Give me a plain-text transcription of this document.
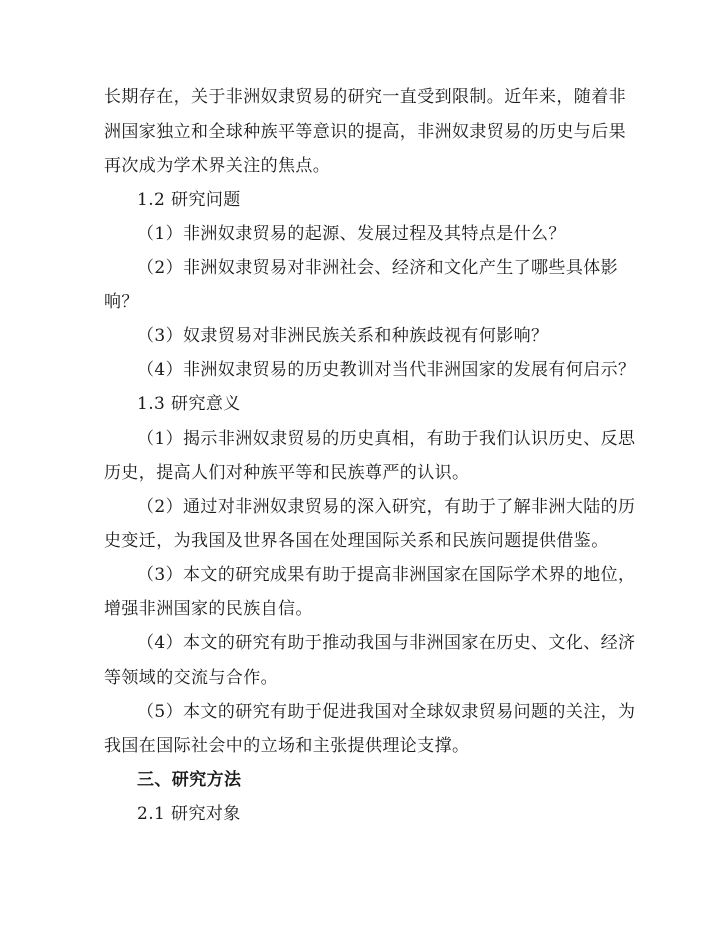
长期存在，关于非洲奴隶贸易的研究一直受到限制。近年来，随着非
洲国家独立和全球种族平等意识的提高，非洲奴隶贸易的历史与后果
再次成为学术界关注的焦点。
1.2 研究问题
（1）非洲奴隶贸易的起源、发展过程及其特点是什么？
（2）非洲奴隶贸易对非洲社会、经济和文化产生了哪些具体影
响？
（3）奴隶贸易对非洲民族关系和种族歧视有何影响？
（4）非洲奴隶贸易的历史教训对当代非洲国家的发展有何启示？
1.3 研究意义
（1）揭示非洲奴隶贸易的历史真相，有助于我们认识历史、反思
历史，提高人们对种族平等和民族尊严的认识。
（2）通过对非洲奴隶贸易的深入研究，有助于了解非洲大陆的历
史变迁，为我国及世界各国在处理国际关系和民族问题提供借鉴。
（3）本文的研究成果有助于提高非洲国家在国际学术界的地位，
增强非洲国家的民族自信。
（4）本文的研究有助于推动我国与非洲国家在历史、文化、经济
等领域的交流与合作。
（5）本文的研究有助于促进我国对全球奴隶贸易问题的关注，为
我国在国际社会中的立场和主张提供理论支撑。
三、研究方法
2.1 研究对象
